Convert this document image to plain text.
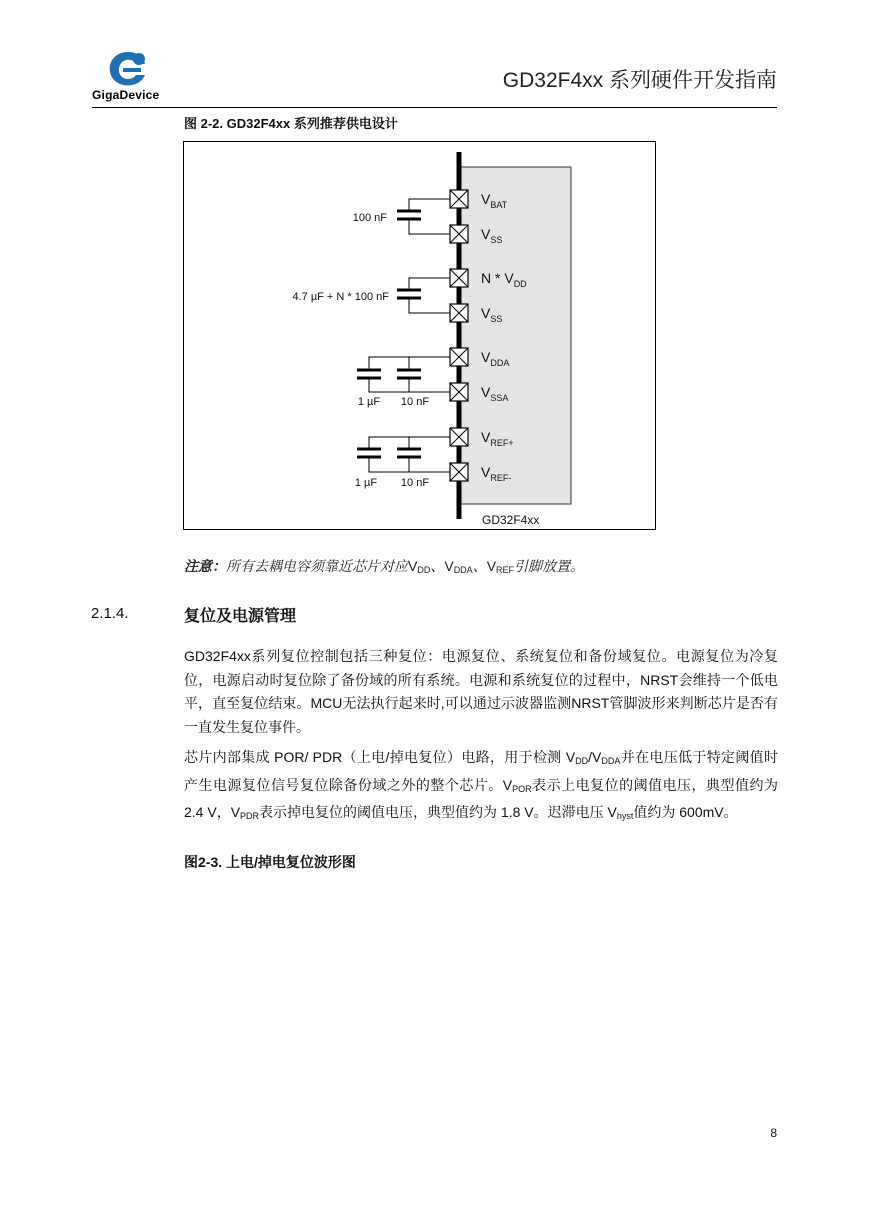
GigaDevice
GD32F4xx 系列硬件开发指南
图 2-2. GD32F4xx 系列推荐供电设计
$V_{BAT}$
$V_{SS}$
N * $V_{DD}$
$V_{SS}$
$V_{DDA}$
$V_{SSA}$
$V_{REF+}$
$V_{REF-}$
100 nF
4.7 µF + N * 100 nF
1 µF 10 nF
1 µF 10 nF
GD32F4xx
注意：所有去耦电容须靠近芯片对应$V_{DD}$、$V_{DDA}$、$V_{REF}$引脚放置。
2.1.4.	复位及电源管理
GD32F4xx系列复位控制包括三种复位：电源复位、系统复位和备份域复位。电源复位为冷复位，电源启动时复位除了备份域的所有系统。电源和系统复位的过程中，NRST会维持一个低电平，直至复位结束。MCU无法执行起来时,可以通过示波器监测NRST管脚波形来判断芯片是否有一直发生复位事件。
芯片内部集成 POR/ PDR（上电/掉电复位）电路，用于检测 $V_{DD}/V_{DDA}$并在电压低于特定阈值时产生电源复位信号复位除备份域之外的整个芯片。$V_{POR}$表示上电复位的阈值电压，典型值约为 2.4 V，$V_{PDR}$表示掉电复位的阈值电压，典型值约为 1.8 V。迟滞电压 $V_{hyst}$值约为 600mV。
图2-3. 上电/掉电复位波形图
8
